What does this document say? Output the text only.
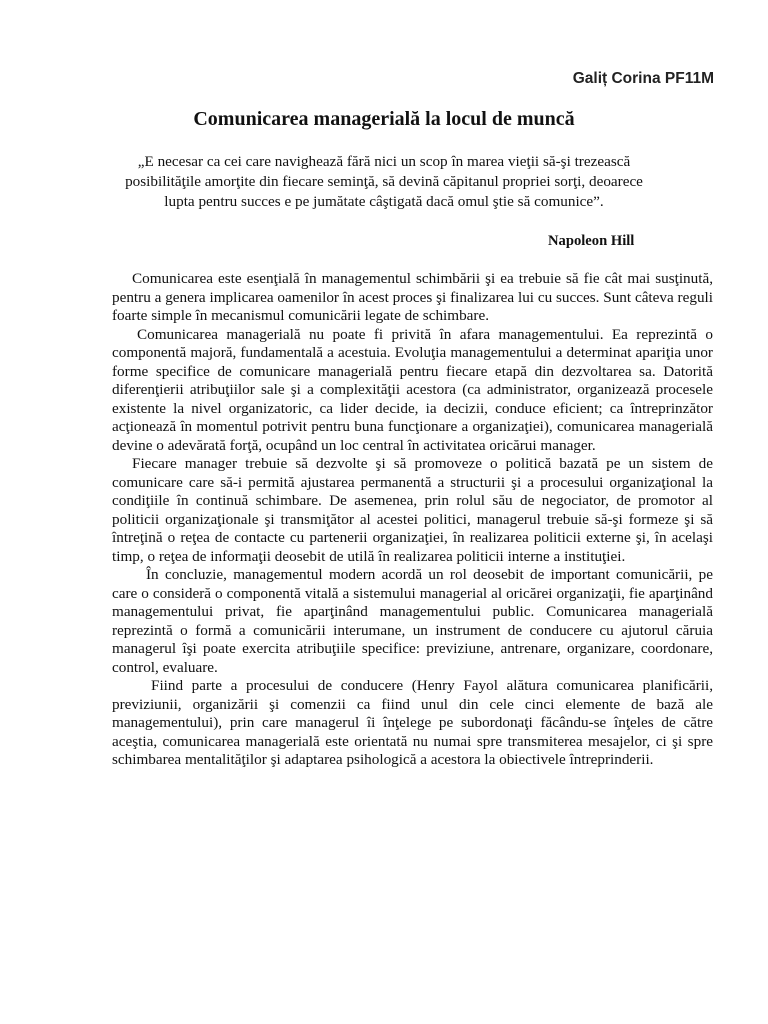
Galiț Corina PF11M
Comunicarea managerială la locul de muncă
„E necesar ca cei care navighează fără nici un scop în marea vieţii să-şi trezească posibilităţile amorţite din fiecare seminţă, să devină căpitanul propriei sorţi, deoarece lupta pentru succes e pe jumătate câştigată dacă omul ştie să comunice”.
Napoleon Hill

Comunicarea este esenţială în managementul schimbării şi ea trebuie să fie cât mai susţinută, pentru a genera implicarea oamenilor în acest proces şi finalizarea lui cu succes. Sunt câteva reguli foarte simple în mecanismul comunicării legate de schimbare.

Comunicarea managerială nu poate fi privită în afara managementului. Ea reprezintă o componentă majoră, fundamentală a acestuia. Evoluţia managementului a determinat apariţia unor forme specifice de comunicare managerială pentru fiecare etapă din dezvoltarea sa. Datorită diferenţierii atribuţiilor sale şi a complexităţii acestora (ca administrator, organizează procesele existente la nivel organizatoric, ca lider decide, ia decizii, conduce eficient; ca întreprinzător acţionează în momentul potrivit pentru buna funcţionare a organizaţiei), comunicarea managerială devine o adevărată forţă, ocupând un loc central în activitatea oricărui manager.

Fiecare manager trebuie să dezvolte şi să promoveze o politică bazată pe un sistem de comunicare care să-i permită ajustarea permanentă a structurii şi a procesului organizaţional la condiţiile în continuă schimbare. De asemenea, prin rolul său de negociator, de promotor al politicii organizaţionale şi transmiţător al acestei politici, managerul trebuie să-şi formeze şi să întreţină o reţea de contacte cu partenerii organizaţiei, în realizarea politicii externe şi, în acelaşi timp, o reţea de informaţii deosebit de utilă în realizarea politicii interne a instituţiei.

În concluzie, managementul modern acordă un rol deosebit de important comunicării, pe care o consideră o componentă vitală a sistemului managerial al oricărei organizaţii, fie aparţinând managementului privat, fie aparţinând managementului public. Comunicarea managerială reprezintă o formă a comunicării interumane, un instrument de conducere cu ajutorul căruia managerul îşi poate exercita atribuţiile specifice: previziune, antrenare, organizare, coordonare, control, evaluare.

Fiind parte a procesului de conducere (Henry Fayol alătura comunicarea planificării, previziunii, organizării şi comenzii ca fiind unul din cele cinci elemente de bază ale managementului), prin care managerul îi înţelege pe subordonaţi făcându-se înţeles de către aceştia, comunicarea managerială este orientată nu numai spre transmiterea mesajelor, ci şi spre schimbarea mentalităţilor şi adaptarea psihologică a acestora la obiectivele întreprinderii.
